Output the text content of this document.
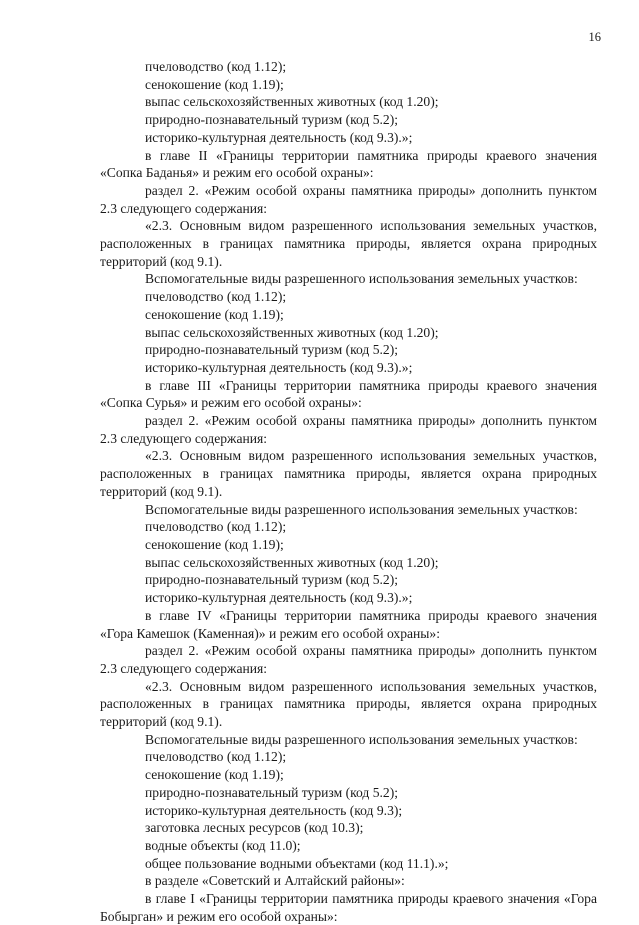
16

пчеловодство (код 1.12);

сенокошение (код 1.19);

выпас сельскохозяйственных животных (код 1.20);

природно-познавательный туризм (код 5.2);

историко-культурная деятельность (код 9.3).»;

в главе II «Границы территории памятника природы краевого значения «Сопка Баданья» и режим его особой охраны»:

раздел 2. «Режим особой охраны памятника природы» дополнить пунктом 2.3 следующего содержания:

«2.3. Основным видом разрешенного использования земельных участков, расположенных в границах памятника природы, является охрана природных территорий (код 9.1).

Вспомогательные виды разрешенного использования земельных участков:

пчеловодство (код 1.12);

сенокошение (код 1.19);

выпас сельскохозяйственных животных (код 1.20);

природно-познавательный туризм (код 5.2);

историко-культурная деятельность (код 9.3).»;

в главе III «Границы территории памятника природы краевого значения «Сопка Сурья» и режим его особой охраны»:

раздел 2. «Режим особой охраны памятника природы» дополнить пунктом 2.3 следующего содержания:

«2.3. Основным видом разрешенного использования земельных участков, расположенных в границах памятника природы, является охрана природных территорий (код 9.1).

Вспомогательные виды разрешенного использования земельных участков:

пчеловодство (код 1.12);

сенокошение (код 1.19);

выпас сельскохозяйственных животных (код 1.20);

природно-познавательный туризм (код 5.2);

историко-культурная деятельность (код 9.3).»;

в главе IV «Границы территории памятника природы краевого значения «Гора Камешок (Каменная)» и режим его особой охраны»:

раздел 2. «Режим особой охраны памятника природы» дополнить пунктом 2.3 следующего содержания:

«2.3. Основным видом разрешенного использования земельных участков, расположенных в границах памятника природы, является охрана природных территорий (код 9.1).

Вспомогательные виды разрешенного использования земельных участков:

пчеловодство (код 1.12);

сенокошение (код 1.19);

природно-познавательный туризм (код 5.2);

историко-культурная деятельность (код 9.3);

заготовка лесных ресурсов (код 10.3);

водные объекты (код 11.0);

общее пользование водными объектами (код 11.1).»;

в разделе «Советский и Алтайский районы»:

в главе I «Границы территории памятника природы краевого значения «Гора Бобырган» и режим его особой охраны»:
